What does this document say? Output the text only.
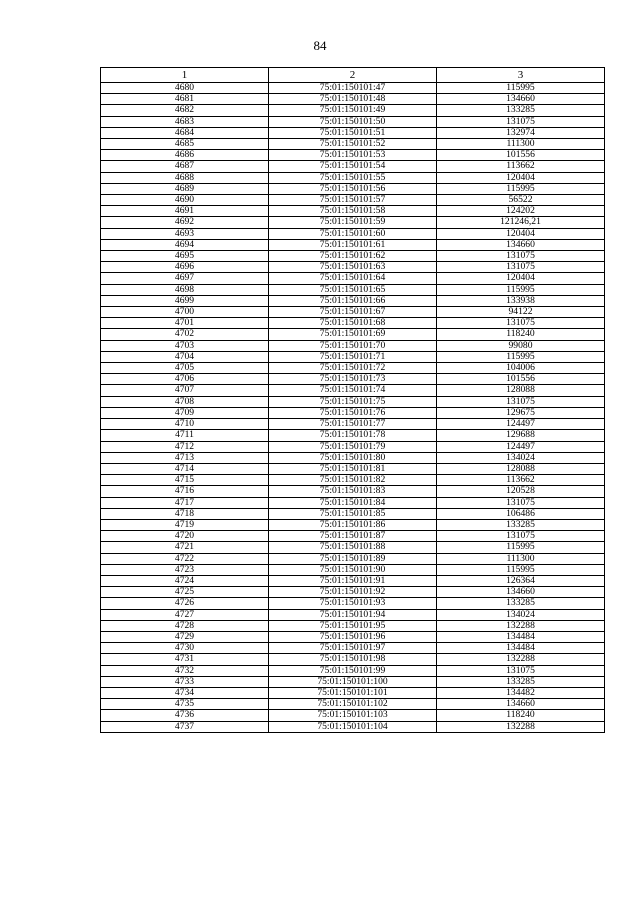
84
1	2	3
4680	75:01:150101:47	115995
4681	75:01:150101:48	134660
4682	75:01:150101:49	133285
4683	75:01:150101:50	131075
4684	75:01:150101:51	132974
4685	75:01:150101:52	111300
4686	75:01:150101:53	101556
4687	75:01:150101:54	113662
4688	75:01:150101:55	120404
4689	75:01:150101:56	115995
4690	75:01:150101:57	56522
4691	75:01:150101:58	124202
4692	75:01:150101:59	121246,21
4693	75:01:150101:60	120404
4694	75:01:150101:61	134660
4695	75:01:150101:62	131075
4696	75:01:150101:63	131075
4697	75:01:150101:64	120404
4698	75:01:150101:65	115995
4699	75:01:150101:66	133938
4700	75:01:150101:67	94122
4701	75:01:150101:68	131075
4702	75:01:150101:69	118240
4703	75:01:150101:70	99080
4704	75:01:150101:71	115995
4705	75:01:150101:72	104006
4706	75:01:150101:73	101556
4707	75:01:150101:74	128088
4708	75:01:150101:75	131075
4709	75:01:150101:76	129675
4710	75:01:150101:77	124497
4711	75:01:150101:78	129688
4712	75:01:150101:79	124497
4713	75:01:150101:80	134024
4714	75:01:150101:81	128088
4715	75:01:150101:82	113662
4716	75:01:150101:83	120528
4717	75:01:150101:84	131075
4718	75:01:150101:85	106486
4719	75:01:150101:86	133285
4720	75:01:150101:87	131075
4721	75:01:150101:88	115995
4722	75:01:150101:89	111300
4723	75:01:150101:90	115995
4724	75:01:150101:91	126364
4725	75:01:150101:92	134660
4726	75:01:150101:93	133285
4727	75:01:150101:94	134024
4728	75:01:150101:95	132288
4729	75:01:150101:96	134484
4730	75:01:150101:97	134484
4731	75:01:150101:98	132288
4732	75:01:150101:99	131075
4733	75:01:150101:100	133285
4734	75:01:150101:101	134482
4735	75:01:150101:102	134660
4736	75:01:150101:103	118240
4737	75:01:150101:104	132288
